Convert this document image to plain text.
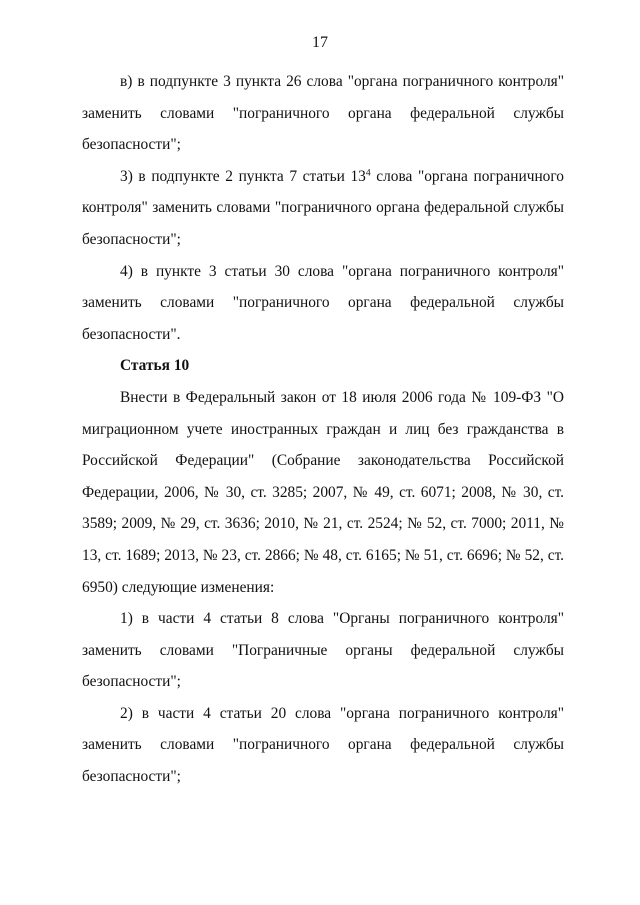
17

в) в подпункте 3 пункта 26 слова "органа пограничного контроля" заменить словами "пограничного органа федеральной службы безопасности";

3) в подпункте 2 пункта 7 статьи $13^4$ слова "органа пограничного контроля" заменить словами "пограничного органа федеральной службы безопасности";

4) в пункте 3 статьи 30 слова "органа пограничного контроля" заменить словами "пограничного органа федеральной службы безопасности".

Статья 10

Внести в Федеральный закон от 18 июля 2006 года № 109-ФЗ "О миграционном учете иностранных граждан и лиц без гражданства в Российской Федерации" (Собрание законодательства Российской Федерации, 2006, № 30, ст. 3285; 2007, № 49, ст. 6071; 2008, № 30, ст. 3589; 2009, № 29, ст. 3636; 2010, № 21, ст. 2524; № 52, ст. 7000; 2011, № 13, ст. 1689; 2013, № 23, ст. 2866; № 48, ст. 6165; № 51, ст. 6696; № 52, ст. 6950) следующие изменения:

1) в части 4 статьи 8 слова "Органы пограничного контроля" заменить словами "Пограничные органы федеральной службы безопасности";

2) в части 4 статьи 20 слова "органа пограничного контроля" заменить словами "пограничного органа федеральной службы безопасности";
